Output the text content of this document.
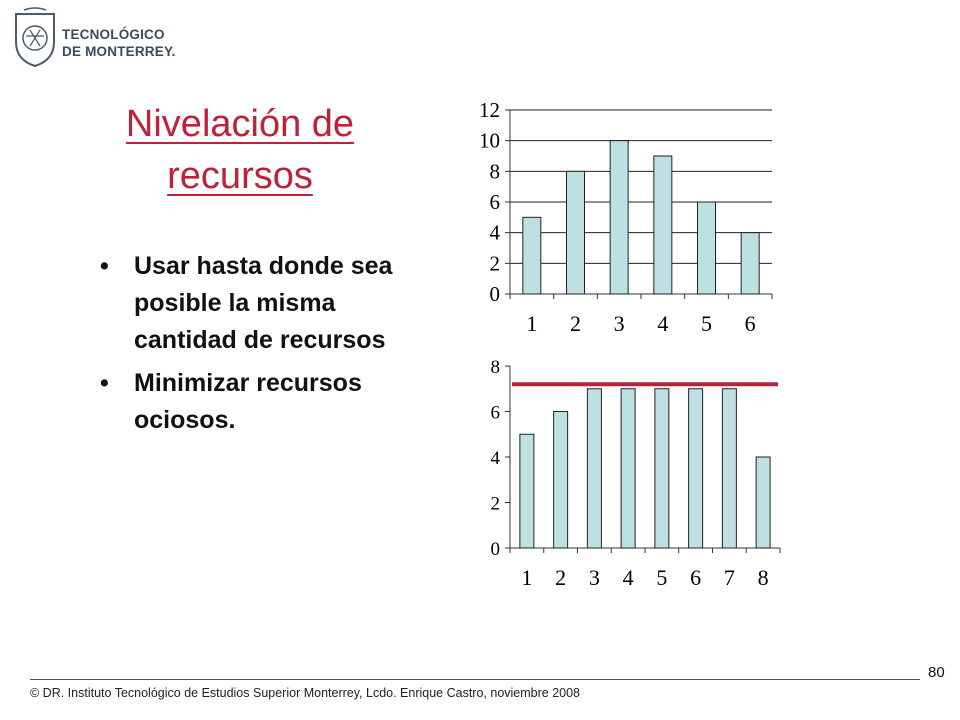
TECNOLÓGICO
DE MONTERREY.
Nivelación de
recursos
• Usar hasta donde sea posible la misma cantidad de recursos
• Minimizar recursos ociosos.
0
2
4
6
8
10
12
1 2 3 4 5 6
0
2
4
6
8
1 2 3 4 5 6 7 8
80
© DR. Instituto Tecnológico de Estudios Superior Monterrey, Lcdo. Enrique Castro, noviembre 2008
